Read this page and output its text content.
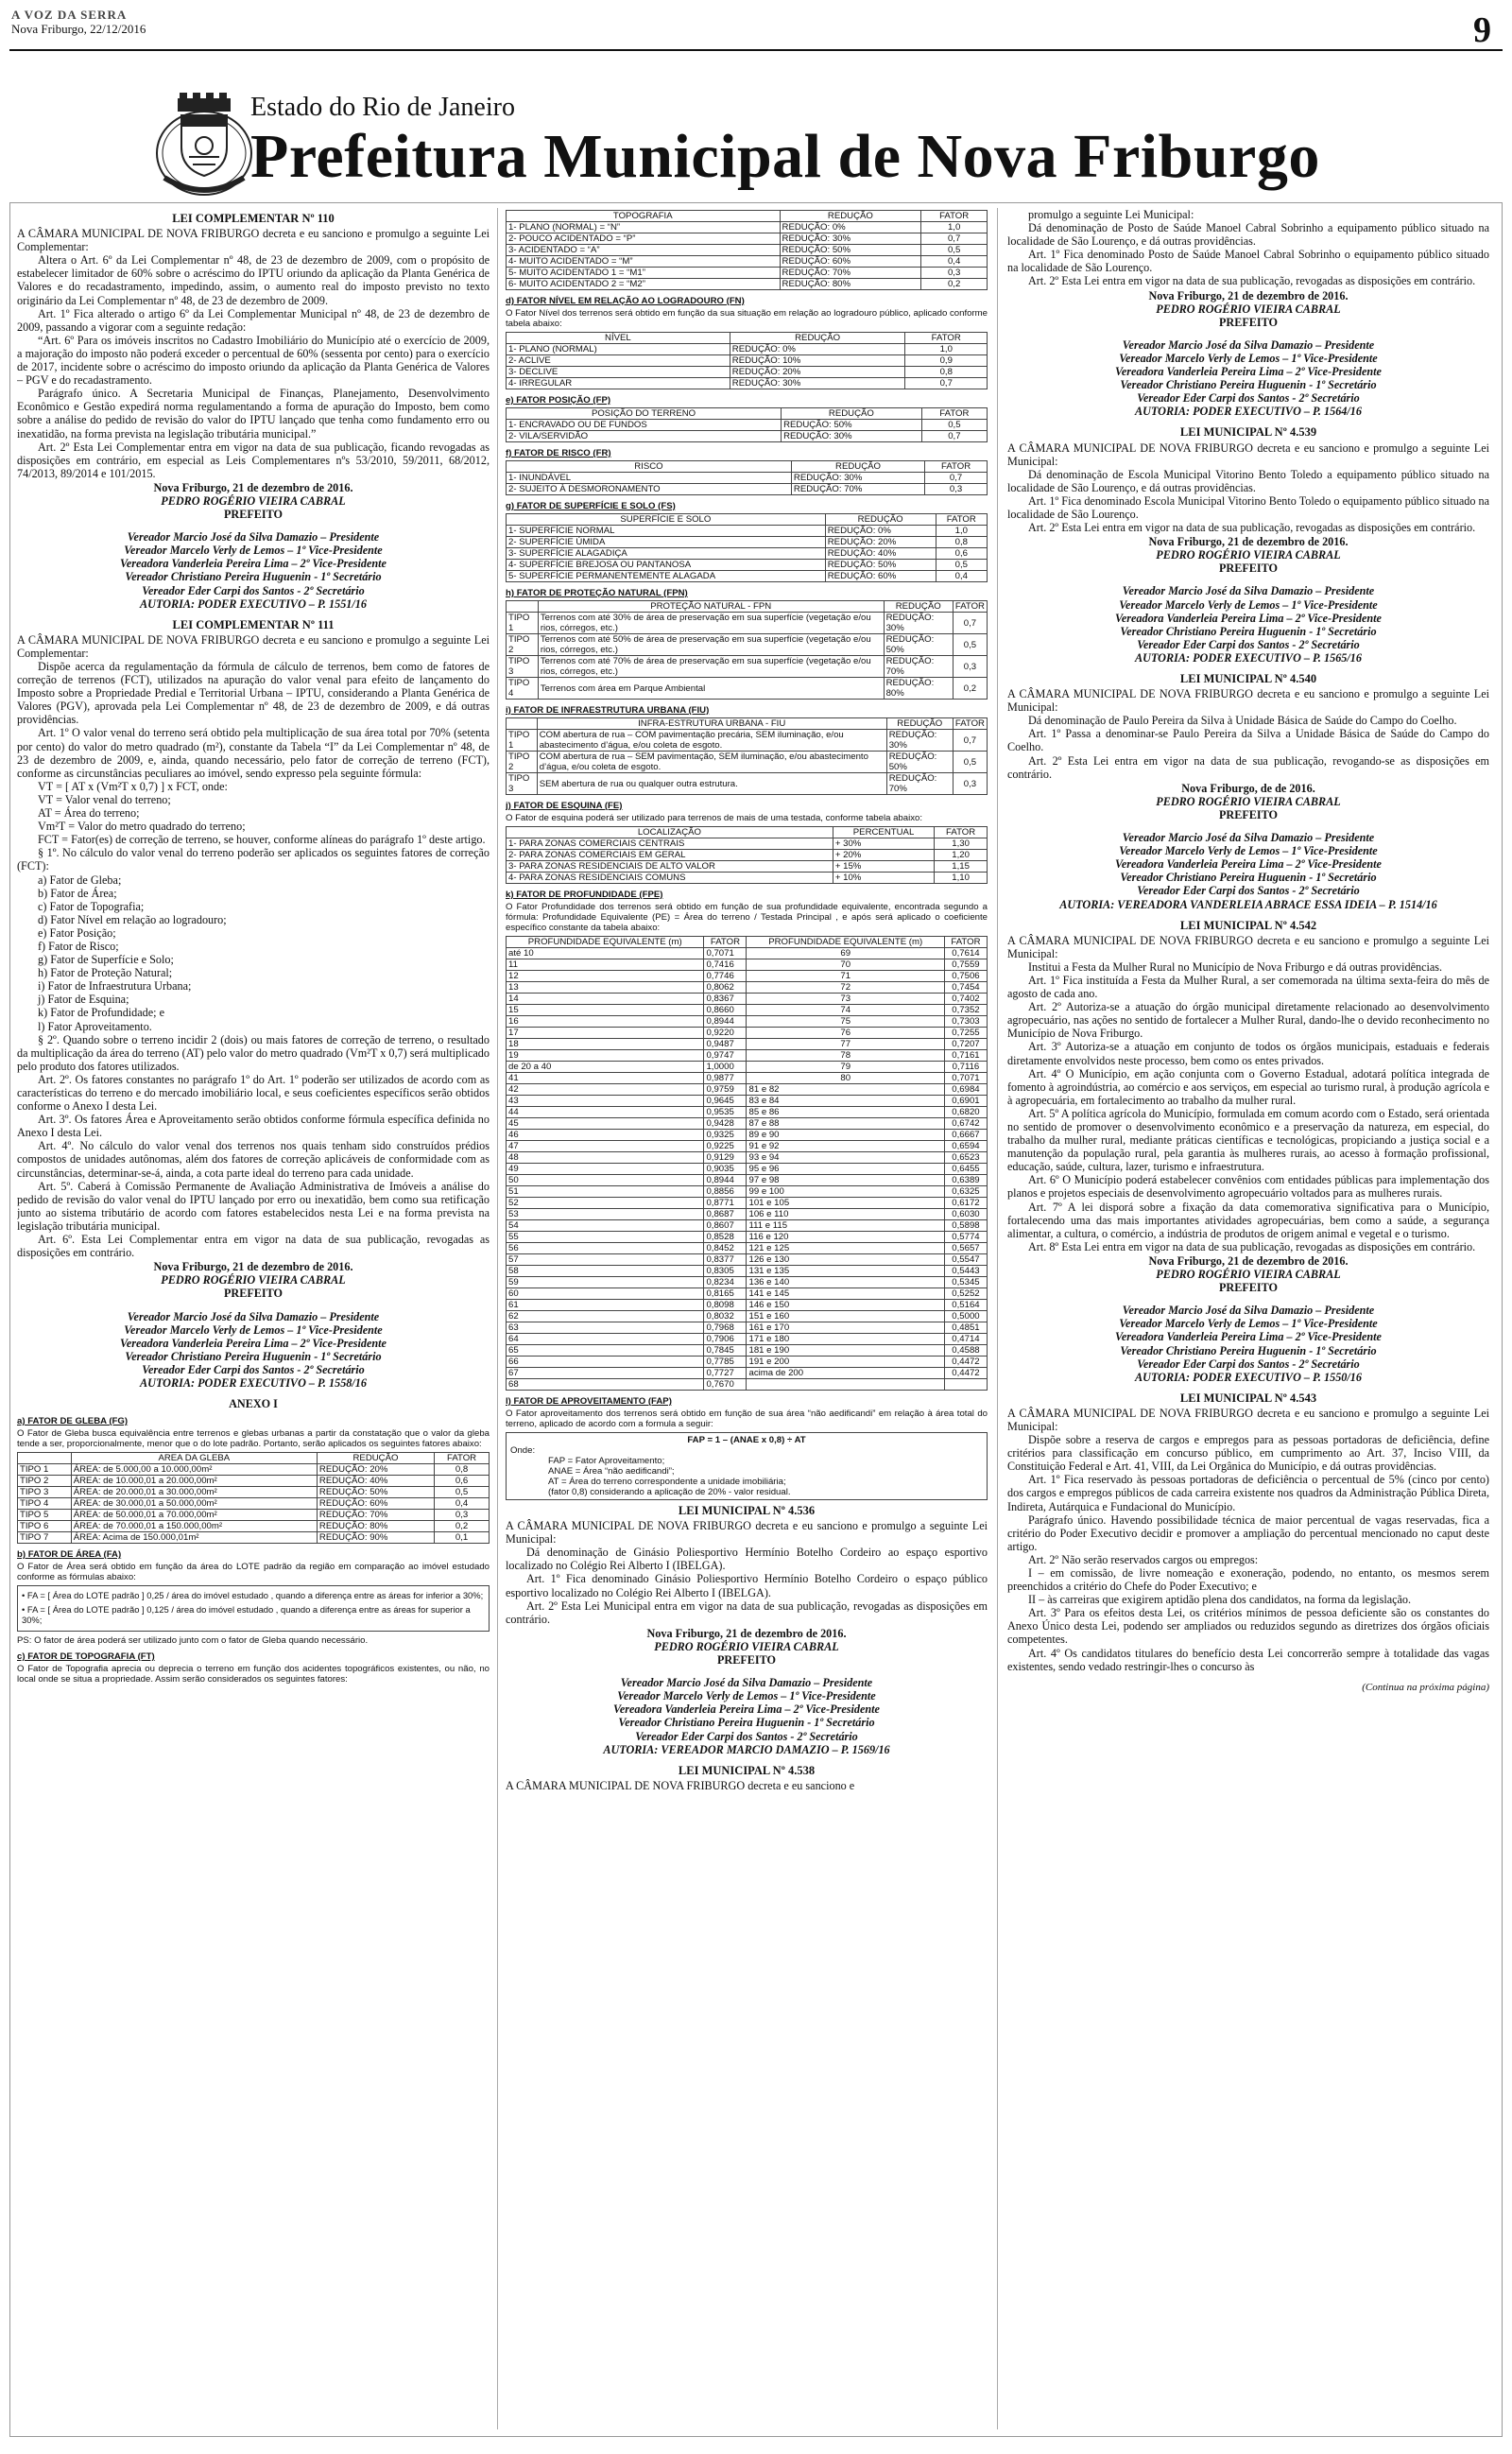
A VOZ DA SERRA
Nova Friburgo, 22/12/2016	9
Estado do Rio de Janeiro
Prefeitura Municipal de Nova Friburgo
LEI COMPLEMENTAR Nº 110
A CÂMARA MUNICIPAL DE NOVA FRIBURGO decreta e eu sanciono e promulgo a seguinte Lei Complementar:
Altera o Art. 6º da Lei Complementar nº 48, de 23 de dezembro de 2009, com o propósito de estabelecer limitador de 60% sobre o acréscimo do IPTU oriundo da aplicação da Planta Genérica de Valores e do recadastramento, impedindo, assim, o aumento real do imposto previsto no texto originário da Lei Complementar nº 48, de 23 de dezembro de 2009.
Art. 1º Fica alterado o artigo 6º da Lei Complementar Municipal nº 48, de 23 de dezembro de 2009, passando a vigorar com a seguinte redação:
“Art. 6º Para os imóveis inscritos no Cadastro Imobiliário do Município até o exercício de 2009, a majoração do imposto não poderá exceder o percentual de 60% (sessenta por cento) para o exercício de 2017, incidente sobre o acréscimo do imposto oriundo da aplicação da Planta Genérica de Valores – PGV e do recadastramento.
Parágrafo único. A Secretaria Municipal de Finanças, Planejamento, Desenvolvimento Econômico e Gestão expedirá norma regulamentando a forma de apuração do Imposto, bem como sobre a análise do pedido de revisão do valor do IPTU lançado que tenha como fundamento erro ou inexatidão, na forma prevista na legislação tributária municipal.”
Art. 2º Esta Lei Complementar entra em vigor na data de sua publicação, ficando revogadas as disposições em contrário, em especial as Leis Complementares nºs 53/2010, 59/2011, 68/2012, 74/2013, 89/2014 e 101/2015.
Nova Friburgo, 21 de dezembro de 2016.
PEDRO ROGÉRIO VIEIRA CABRAL
PREFEITO
Vereador Marcio José da Silva Damazio – Presidente
Vereador Marcelo Verly de Lemos – 1º Vice-Presidente
Vereadora Vanderleia Pereira Lima – 2º Vice-Presidente
Vereador Christiano Pereira Huguenin - 1º Secretário
Vereador Eder Carpi dos Santos - 2º Secretário
AUTORIA: PODER EXECUTIVO – P. 1551/16
LEI COMPLEMENTAR Nº 111
A CÂMARA MUNICIPAL DE NOVA FRIBURGO decreta e eu sanciono e promulgo a seguinte Lei Complementar:
Dispõe acerca da regulamentação da fórmula de cálculo de terrenos, bem como de fatores de correção de terrenos (FCT), utilizados na apuração do valor venal para efeito de lançamento do Imposto sobre a Propriedade Predial e Territorial Urbana – IPTU, considerando a Planta Genérica de Valores (PGV), aprovada pela Lei Complementar nº 48, de 23 de dezembro de 2009, e dá outras providências.
Art. 1º O valor venal do terreno será obtido pela multiplicação de sua área total por 70% (setenta por cento) do valor do metro quadrado (m²), constante da Tabela “I” da Lei Complementar nº 48, de 23 de dezembro de 2009, e, ainda, quando necessário, pelo fator de correção de terreno (FCT), conforme as circunstâncias peculiares ao imóvel, sendo expresso pela seguinte fórmula:
VT = [ AT x (Vm²T x 0,7) ] x FCT, onde:
VT = Valor venal do terreno;
AT = Área do terreno;
Vm²T = Valor do metro quadrado do terreno;
FCT = Fator(es) de correção de terreno, se houver, conforme alíneas do parágrafo 1º deste artigo.
§ 1º. No cálculo do valor venal do terreno poderão ser aplicados os seguintes fatores de correção (FCT):
a) Fator de Gleba;
b) Fator de Área;
c) Fator de Topografia;
d) Fator Nível em relação ao logradouro;
e) Fator Posição;
f) Fator de Risco;
g) Fator de Superfície e Solo;
h) Fator de Proteção Natural;
i) Fator de Infraestrutura Urbana;
j) Fator de Esquina;
k) Fator de Profundidade; e
l) Fator Aproveitamento.
§ 2º. Quando sobre o terreno incidir 2 (dois) ou mais fatores de correção de terreno, o resultado da multiplicação da área do terreno (AT) pelo valor do metro quadrado (Vm²T x 0,7) será multiplicado pelo produto dos fatores utilizados.
Art. 2º. Os fatores constantes no parágrafo 1º do Art. 1º poderão ser utilizados de acordo com as características do terreno e do mercado imobiliário local, e seus coeficientes específicos serão obtidos conforme o Anexo I desta Lei.
Art. 3º. Os fatores Área e Aproveitamento serão obtidos conforme fórmula específica definida no Anexo I desta Lei.
Art. 4º. No cálculo do valor venal dos terrenos nos quais tenham sido construídos prédios compostos de unidades autônomas, além dos fatores de correção aplicáveis de conformidade com as circunstâncias, determinar-se-á, ainda, a cota parte ideal do terreno para cada unidade.
Art. 5º. Caberá à Comissão Permanente de Avaliação Administrativa de Imóveis a análise do pedido de revisão do valor venal do IPTU lançado por erro ou inexatidão, bem como sua retificação junto ao sistema tributário de acordo com fatores estabelecidos nesta Lei e na forma prevista na legislação tributária municipal.
Art. 6º. Esta Lei Complementar entra em vigor na data de sua publicação, revogadas as disposições em contrário.
Nova Friburgo, 21 de dezembro de 2016.
PEDRO ROGÉRIO VIEIRA CABRAL
PREFEITO
Vereador Marcio José da Silva Damazio – Presidente
Vereador Marcelo Verly de Lemos – 1º Vice-Presidente
Vereadora Vanderleia Pereira Lima – 2º Vice-Presidente
Vereador Christiano Pereira Huguenin - 1º Secretário
Vereador Eder Carpi dos Santos - 2º Secretário
AUTORIA: PODER EXECUTIVO – P. 1558/16
ANEXO I
a) FATOR DE GLEBA (FG)
O Fator de Gleba busca equivalência entre terrenos e glebas urbanas a partir da constatação que o valor da gleba tende a ser, proporcionalmente, menor que o do lote padrão. Portanto, serão aplicados os seguintes fatores abaixo:
	AREA DA GLEBA	REDUÇÃO	FATOR
TIPO 1	ÁREA: de 5.000,00 a 10.000,00m²	REDUÇÃO: 20%	0,8
TIPO 2	ÁREA: de 10.000,01 a 20.000,00m²	REDUÇÃO: 40%	0,6
TIPO 3	ÁREA: de 20.000,01 a 30.000,00m²	REDUÇÃO: 50%	0,5
TIPO 4	ÁREA: de 30.000,01 a 50.000,00m²	REDUÇÃO: 60%	0,4
TIPO 5	ÁREA: de 50.000,01 a 70.000,00m²	REDUÇÃO: 70%	0,3
TIPO 6	ÁREA: de 70.000,01 a 150.000,00m²	REDUÇÃO: 80%	0,2
TIPO 7	ÁREA: Acima de 150.000,01m²	REDUÇÃO: 90%	0,1
b) FATOR DE ÁREA (FA)
O Fator de Área será obtido em função da área do LOTE padrão da região em comparação ao imóvel estudado conforme as fórmulas abaixo:
• FA = [ Área do LOTE padrão ] 0,25 / área do imóvel estudado , quando a diferença entre as áreas for inferior a 30%;
• FA = [ Área do LOTE padrão ] 0,125 / área do imóvel estudado , quando a diferença entre as áreas for superior a 30%;
PS: O fator de área poderá ser utilizado junto com o fator de Gleba quando necessário.
c) FATOR DE TOPOGRAFIA (FT)
O Fator de Topografia aprecia ou deprecia o terreno em função dos acidentes topográficos existentes, ou não, no local onde se situa a propriedade. Assim serão considerados os seguintes fatores:
TOPOGRAFIA	REDUÇÃO	FATOR
1- PLANO (NORMAL) = “N”	REDUÇÃO: 0%	1,0
2- POUCO ACIDENTADO = “P”	REDUÇÃO: 30%	0,7
3- ACIDENTADO = “A”	REDUÇÃO: 50%	0,5
4- MUITO ACIDENTADO = “M”	REDUÇÃO: 60%	0,4
5- MUITO ACIDENTADO 1 = “M1”	REDUÇÃO: 70%	0,3
6- MUITO ACIDENTADO 2 = “M2”	REDUÇÃO: 80%	0,2
d) FATOR NÍVEL EM RELAÇÃO AO LOGRADOURO (FN)
O Fator Nível dos terrenos será obtido em função da sua situação em relação ao logradouro público, aplicado conforme tabela abaixo:
NÍVEL	REDUÇÃO	FATOR
1- PLANO (NORMAL)	REDUÇÃO: 0%	1,0
2- ACLIVE	REDUÇÃO: 10%	0,9
3- DECLIVE	REDUÇÃO: 20%	0,8
4- IRREGULAR	REDUÇÃO: 30%	0,7
e) FATOR POSIÇÃO (FP)
POSIÇÃO DO TERRENO	REDUÇÃO	FATOR
1- ENCRAVADO OU DE FUNDOS	REDUÇÃO: 50%	0,5
2- VILA/SERVIDÃO	REDUÇÃO: 30%	0,7
f) FATOR DE RISCO (FR)
RISCO	REDUÇÃO	FATOR
1- INUNDÁVEL	REDUÇÃO: 30%	0,7
2- SUJEITO À DESMORONAMENTO	REDUÇÃO: 70%	0,3
g) FATOR DE SUPERFÍCIE E SOLO (FS)
SUPERFÍCIE E SOLO	REDUÇÃO	FATOR
1- SUPERFÍCIE NORMAL	REDUÇÃO: 0%	1,0
2- SUPERFÍCIE ÚMIDA	REDUÇÃO: 20%	0,8
3- SUPERFÍCIE ALAGADIÇA	REDUÇÃO: 40%	0,6
4- SUPERFÍCIE BREJOSA OU PANTANOSA	REDUÇÃO: 50%	0,5
5- SUPERFÍCIE PERMANENTEMENTE ALAGADA	REDUÇÃO: 60%	0,4
h) FATOR DE PROTEÇÃO NATURAL (FPN)
	PROTEÇÃO NATURAL - FPN	REDUÇÃO	FATOR
TIPO 1	Terrenos com até 30% de área de preservação em sua superfície (vegetação e/ou rios, córregos, etc.)	REDUÇÃO: 30%	0,7
TIPO 2	Terrenos com até 50% de área de preservação em sua superfície (vegetação e/ou rios, córregos, etc.)	REDUÇÃO: 50%	0,5
TIPO 3	Terrenos com até 70% de área de preservação em sua superfície (vegetação e/ou rios, córregos, etc.)	REDUÇÃO: 70%	0,3
TIPO 4	Terrenos com área em Parque Ambiental	REDUÇÃO: 80%	0,2
i) FATOR DE INFRAESTRUTURA URBANA (FIU)
	INFRA-ESTRUTURA URBANA - FIU	REDUÇÃO	FATOR
TIPO 1	COM abertura de rua – COM pavimentação precária, SEM iluminação, e/ou abastecimento d’água, e/ou coleta de esgoto.	REDUÇÃO: 30%	0,7
TIPO 2	COM abertura de rua – SEM pavimentação, SEM iluminação, e/ou abastecimento d’água, e/ou coleta de esgoto.	REDUÇÃO: 50%	0,5
TIPO 3	SEM abertura de rua ou qualquer outra estrutura.	REDUÇÃO: 70%	0,3
j) FATOR DE ESQUINA (FE)
O Fator de esquina poderá ser utilizado para terrenos de mais de uma testada, conforme tabela abaixo:
LOCALIZAÇÃO	PERCENTUAL	FATOR
1- PARA ZONAS COMERCIAIS CENTRAIS	+ 30%	1,30
2- PARA ZONAS COMERCIAIS EM GERAL	+ 20%	1,20
3- PARA ZONAS RESIDENCIAIS DE ALTO VALOR	+ 15%	1,15
4- PARA ZONAS RESIDENCIAIS COMUNS	+ 10%	1,10
k) FATOR DE PROFUNDIDADE (FPE)
O Fator Profundidade dos terrenos será obtido em função de sua profundidade equivalente, encontrada segundo a fórmula: Profundidade Equivalente (PE) = Área do terreno / Testada Principal , e após será aplicado o coeficiente específico constante da tabela abaixo:
PROFUNDIDADE EQUIVALENTE (m)	FATOR	PROFUNDIDADE EQUIVALENTE (m)	FATOR
até 10	0,7071	69	0,7614
11	0,7416	70	0,7559
12	0,7746	71	0,7506
13	0,8062	72	0,7454
14	0,8367	73	0,7402
15	0,8660	74	0,7352
16	0,8944	75	0,7303
17	0,9220	76	0,7255
18	0,9487	77	0,7207
19	0,9747	78	0,7161
de 20 a 40	1,0000	79	0,7116
41	0,9877	80	0,7071
42	0,9759	81 e 82	0,6984
43	0,9645	83 e 84	0,6901
44	0,9535	85 e 86	0,6820
45	0,9428	87 e 88	0,6742
46	0,9325	89 e 90	0,6667
47	0,9225	91 e 92	0,6594
48	0,9129	93 e 94	0,6523
49	0,9035	95 e 96	0,6455
50	0,8944	97 e 98	0,6389
51	0,8856	99 e 100	0,6325
52	0,8771	101 e 105	0,6172
53	0,8687	106 e 110	0,6030
54	0,8607	111 e 115	0,5898
55	0,8528	116 e 120	0,5774
56	0,8452	121 e 125	0,5657
57	0,8377	126 e 130	0,5547
58	0,8305	131 e 135	0,5443
59	0,8234	136 e 140	0,5345
60	0,8165	141 e 145	0,5252
61	0,8098	146 e 150	0,5164
62	0,8032	151 e 160	0,5000
63	0,7968	161 e 170	0,4851
64	0,7906	171 e 180	0,4714
65	0,7845	181 e 190	0,4588
66	0,7785	191 e 200	0,4472
67	0,7727	acima de 200	0,4472
68	0,7670		
l) FATOR DE APROVEITAMENTO (FAP)
O Fator aproveitamento dos terrenos será obtido em função de sua área “não aedificandi” em relação à área total do terreno, aplicado de acordo com a formula a seguir:
FAP = 1 – (ANAE x 0,8) ÷ AT
Onde:
FAP = Fator Aproveitamento;
ANAE = Área “não aedificandi”;
AT = Área do terreno correspondente a unidade imobiliária;
(fator 0,8) considerando a aplicação de 20% - valor residual.
LEI MUNICIPAL Nº 4.536
A CÂMARA MUNICIPAL DE NOVA FRIBURGO decreta e eu sanciono e promulgo a seguinte Lei Municipal:
Dá denominação de Ginásio Poliesportivo Hermínio Botelho Cordeiro ao espaço esportivo localizado no Colégio Rei Alberto I (IBELGA).
Art. 1º Fica denominado Ginásio Poliesportivo Hermínio Botelho Cordeiro o espaço público esportivo localizado no Colégio Rei Alberto I (IBELGA).
Art. 2º Esta Lei Municipal entra em vigor na data de sua publicação, revogadas as disposições em contrário.
Nova Friburgo, 21 de dezembro de 2016.
PEDRO ROGÉRIO VIEIRA CABRAL
PREFEITO
Vereador Marcio José da Silva Damazio – Presidente
Vereador Marcelo Verly de Lemos – 1º Vice-Presidente
Vereadora Vanderleia Pereira Lima – 2º Vice-Presidente
Vereador Christiano Pereira Huguenin - 1º Secretário
Vereador Eder Carpi dos Santos - 2º Secretário
AUTORIA: VEREADOR MARCIO DAMAZIO – P. 1569/16
LEI MUNICIPAL Nº 4.538
A CÂMARA MUNICIPAL DE NOVA FRIBURGO decreta e eu sanciono e
promulgo a seguinte Lei Municipal:
Dá denominação de Posto de Saúde Manoel Cabral Sobrinho a equipamento público situado na localidade de São Lourenço, e dá outras providências.
Art. 1º Fica denominado Posto de Saúde Manoel Cabral Sobrinho o equipamento público situado na localidade de São Lourenço.
Art. 2º Esta Lei entra em vigor na data de sua publicação, revogadas as disposições em contrário.
Nova Friburgo, 21 de dezembro de 2016.
PEDRO ROGÉRIO VIEIRA CABRAL
PREFEITO
Vereador Marcio José da Silva Damazio – Presidente
Vereador Marcelo Verly de Lemos – 1º Vice-Presidente
Vereadora Vanderleia Pereira Lima – 2º Vice-Presidente
Vereador Christiano Pereira Huguenin - 1º Secretário
Vereador Eder Carpi dos Santos - 2º Secretário
AUTORIA: PODER EXECUTIVO – P. 1564/16
LEI MUNICIPAL Nº 4.539
A CÂMARA MUNICIPAL DE NOVA FRIBURGO decreta e eu sanciono e promulgo a seguinte Lei Municipal:
Dá denominação de Escola Municipal Vitorino Bento Toledo a equipamento público situado na localidade de São Lourenço, e dá outras providências.
Art. 1º Fica denominado Escola Municipal Vitorino Bento Toledo o equipamento público situado na localidade de São Lourenço.
Art. 2º Esta Lei entra em vigor na data de sua publicação, revogadas as disposições em contrário.
Nova Friburgo, 21 de dezembro de 2016.
PEDRO ROGÉRIO VIEIRA CABRAL
PREFEITO
Vereador Marcio José da Silva Damazio – Presidente
Vereador Marcelo Verly de Lemos – 1º Vice-Presidente
Vereadora Vanderleia Pereira Lima – 2º Vice-Presidente
Vereador Christiano Pereira Huguenin - 1º Secretário
Vereador Eder Carpi dos Santos - 2º Secretário
AUTORIA: PODER EXECUTIVO – P. 1565/16
LEI MUNICIPAL Nº 4.540
A CÂMARA MUNICIPAL DE NOVA FRIBURGO decreta e eu sanciono e promulgo a seguinte Lei Municipal:
Dá denominação de Paulo Pereira da Silva à Unidade Básica de Saúde do Campo do Coelho.
Art. 1º Passa a denominar-se Paulo Pereira da Silva a Unidade Básica de Saúde do Campo do Coelho.
Art. 2º Esta Lei entra em vigor na data de sua publicação, revogando-se as disposições em contrário.
Nova Friburgo, de de 2016.
PEDRO ROGÉRIO VIEIRA CABRAL
PREFEITO
Vereador Marcio José da Silva Damazio – Presidente
Vereador Marcelo Verly de Lemos – 1º Vice-Presidente
Vereadora Vanderleia Pereira Lima – 2º Vice-Presidente
Vereador Christiano Pereira Huguenin - 1º Secretário
Vereador Eder Carpi dos Santos - 2º Secretário
AUTORIA: VEREADORA VANDERLEIA ABRACE ESSA IDEIA – P. 1514/16
LEI MUNICIPAL Nº 4.542
A CÂMARA MUNICIPAL DE NOVA FRIBURGO decreta e eu sanciono e promulgo a seguinte Lei Municipal:
Institui a Festa da Mulher Rural no Município de Nova Friburgo e dá outras providências.
Art. 1º Fica instituída a Festa da Mulher Rural, a ser comemorada na última sexta-feira do mês de agosto de cada ano.
Art. 2º Autoriza-se a atuação do órgão municipal diretamente relacionado ao desenvolvimento agropecuário, nas ações no sentido de fortalecer a Mulher Rural, dando-lhe o devido reconhecimento no Município de Nova Friburgo.
Art. 3º Autoriza-se a atuação em conjunto de todos os órgãos municipais, estaduais e federais diretamente envolvidos neste processo, bem como os entes privados.
Art. 4º O Município, em ação conjunta com o Governo Estadual, adotará política integrada de fomento à agroindústria, ao comércio e aos serviços, em especial ao turismo rural, à produção agrícola e à agropecuária, em fortalecimento ao trabalho da mulher rural.
Art. 5º A política agrícola do Município, formulada em comum acordo com o Estado, será orientada no sentido de promover o desenvolvimento econômico e a preservação da natureza, em especial, do trabalho da mulher rural, mediante práticas científicas e tecnológicas, propiciando a justiça social e a manutenção da população rural, pela garantia às mulheres rurais, ao acesso à formação profissional, educação, saúde, cultura, lazer, turismo e infraestrutura.
Art. 6º O Município poderá estabelecer convênios com entidades públicas para implementação dos planos e projetos especiais de desenvolvimento agropecuário voltados para as mulheres rurais.
Art. 7º A lei disporá sobre a fixação da data comemorativa significativa para o Município, fortalecendo uma das mais importantes atividades agropecuárias, bem como a saúde, a segurança alimentar, a cultura, o comércio, a indústria de produtos de origem animal e vegetal e o turismo.
Art. 8º Esta Lei entra em vigor na data de sua publicação, revogadas as disposições em contrário.
Nova Friburgo, 21 de dezembro de 2016.
PEDRO ROGÉRIO VIEIRA CABRAL
PREFEITO
Vereador Marcio José da Silva Damazio – Presidente
Vereador Marcelo Verly de Lemos – 1º Vice-Presidente
Vereadora Vanderleia Pereira Lima – 2º Vice-Presidente
Vereador Christiano Pereira Huguenin - 1º Secretário
Vereador Eder Carpi dos Santos - 2º Secretário
AUTORIA: PODER EXECUTIVO – P. 1550/16
LEI MUNICIPAL Nº 4.543
A CÂMARA MUNICIPAL DE NOVA FRIBURGO decreta e eu sanciono e promulgo a seguinte Lei Municipal:
Dispõe sobre a reserva de cargos e empregos para as pessoas portadoras de deficiência, define critérios para classificação em concurso público, em cumprimento ao Art. 37, Inciso VIII, da Constituição Federal e Art. 41, VIII, da Lei Orgânica do Município, e dá outras providências.
Art. 1º Fica reservado às pessoas portadoras de deficiência o percentual de 5% (cinco por cento) dos cargos e empregos públicos de cada carreira existente nos quadros da Administração Pública Direta, Indireta, Autárquica e Fundacional do Município.
Parágrafo único. Havendo possibilidade técnica de maior percentual de vagas reservadas, fica a critério do Poder Executivo decidir e promover a ampliação do percentual mencionado no caput deste artigo.
Art. 2º Não serão reservados cargos ou empregos:
I – em comissão, de livre nomeação e exoneração, podendo, no entanto, os mesmos serem preenchidos a critério do Chefe do Poder Executivo; e
II – às carreiras que exigirem aptidão plena dos candidatos, na forma da legislação.
Art. 3º Para os efeitos desta Lei, os critérios mínimos de pessoa deficiente são os constantes do Anexo Único desta Lei, podendo ser ampliados ou reduzidos segundo as diretrizes dos órgãos oficiais competentes.
Art. 4º Os candidatos titulares do benefício desta Lei concorrerão sempre à totalidade das vagas existentes, sendo vedado restringir-lhes o concurso às
(Continua na próxima página)
